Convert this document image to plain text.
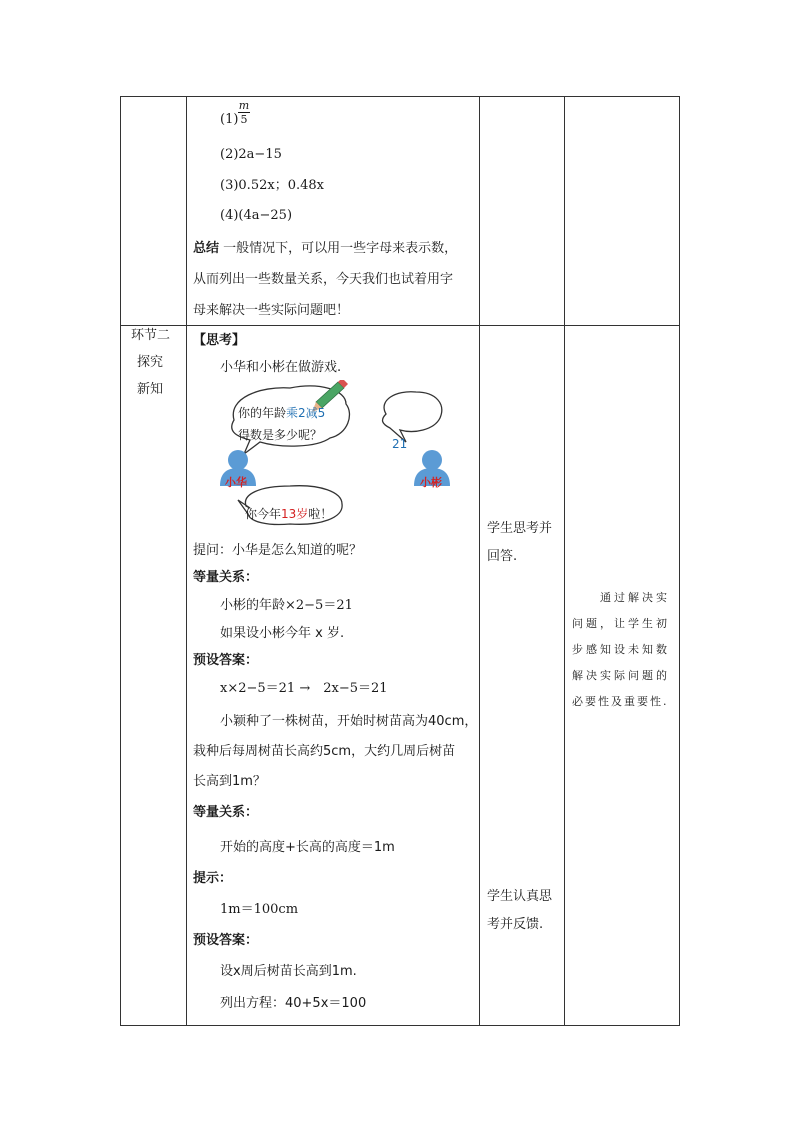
$(1) \frac{m}{5}$
(2)2a−15
(3)0.52x；0.48x
(4)(4a−25)
总结 一般情况下，可以用一些字母来表示数，
从而列出一些数量关系，今天我们也试着用字
母来解决一些实际问题吧！
环节二
探究
新知
【思考】
小华和小彬在做游戏.
你的年龄乘2减5
得数是多少呢？
21
小华	小彬
你今年13岁啦！
提问：小华是怎么知道的呢？
等量关系：
小彬的年龄×2−5＝21
如果设小彬今年 x 岁.
预设答案：
x×2−5＝21 →　2x−5＝21
小颖种了一株树苗，开始时树苗高为40cm，
栽种后每周树苗长高约5cm，大约几周后树苗
长高到1m？
等量关系：
开始的高度+长高的高度＝1m
提示：
1m＝100cm
预设答案：
设x周后树苗长高到1m.
列出方程：40+5x＝100
学生思考并
回答.
学生认真思
考并反馈.
通过解决实
问题，让学生初
步感知设未知数
解决实际问题的
必要性及重要性.
